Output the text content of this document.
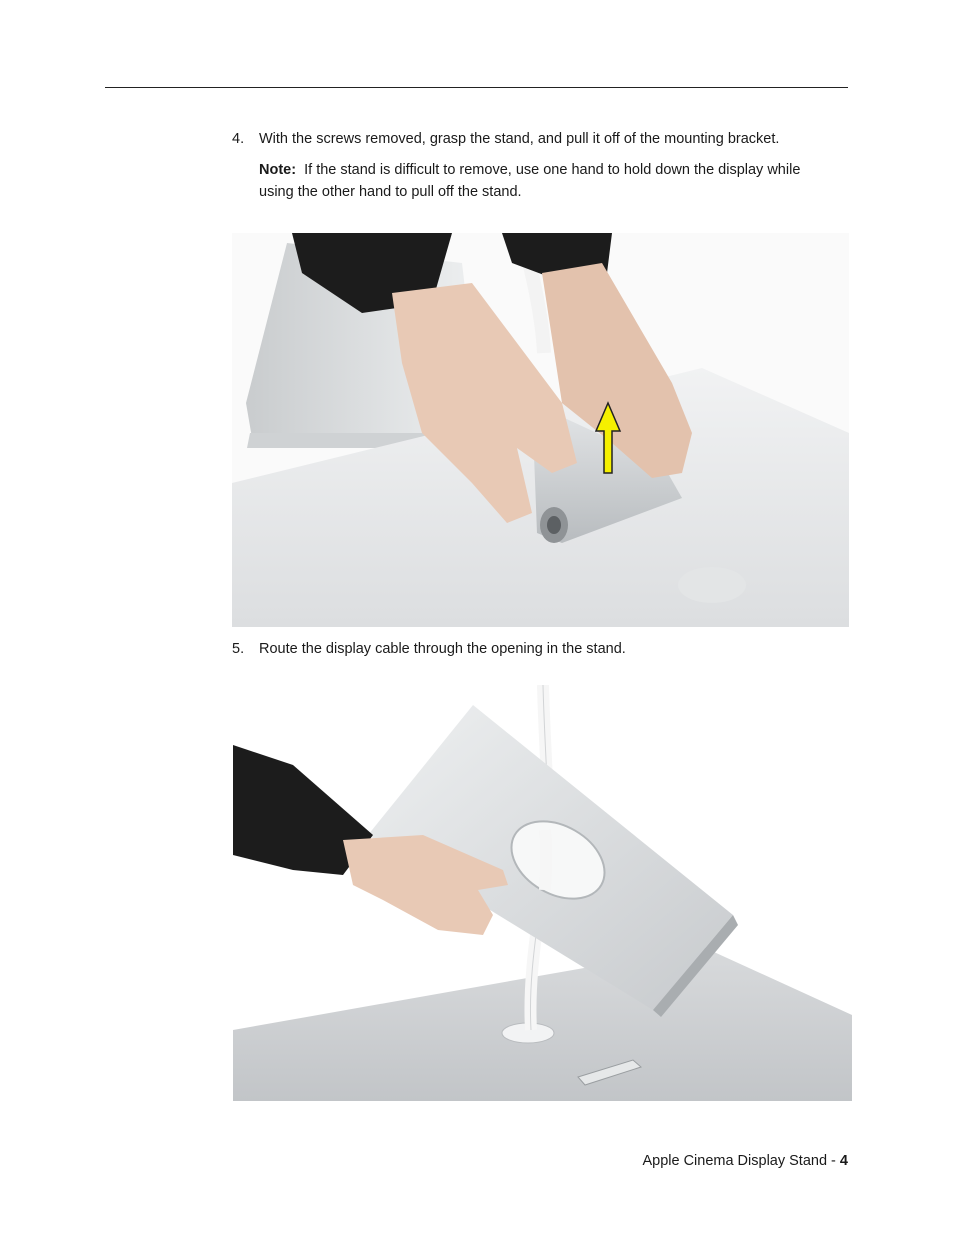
4. With the screws removed, grasp the stand, and pull it off of the mounting bracket.
Note: If the stand is difficult to remove, use one hand to hold down the display while
using the other hand to pull off the stand.
5. Route the display cable through the opening in the stand.
Apple Cinema Display Stand - 4
